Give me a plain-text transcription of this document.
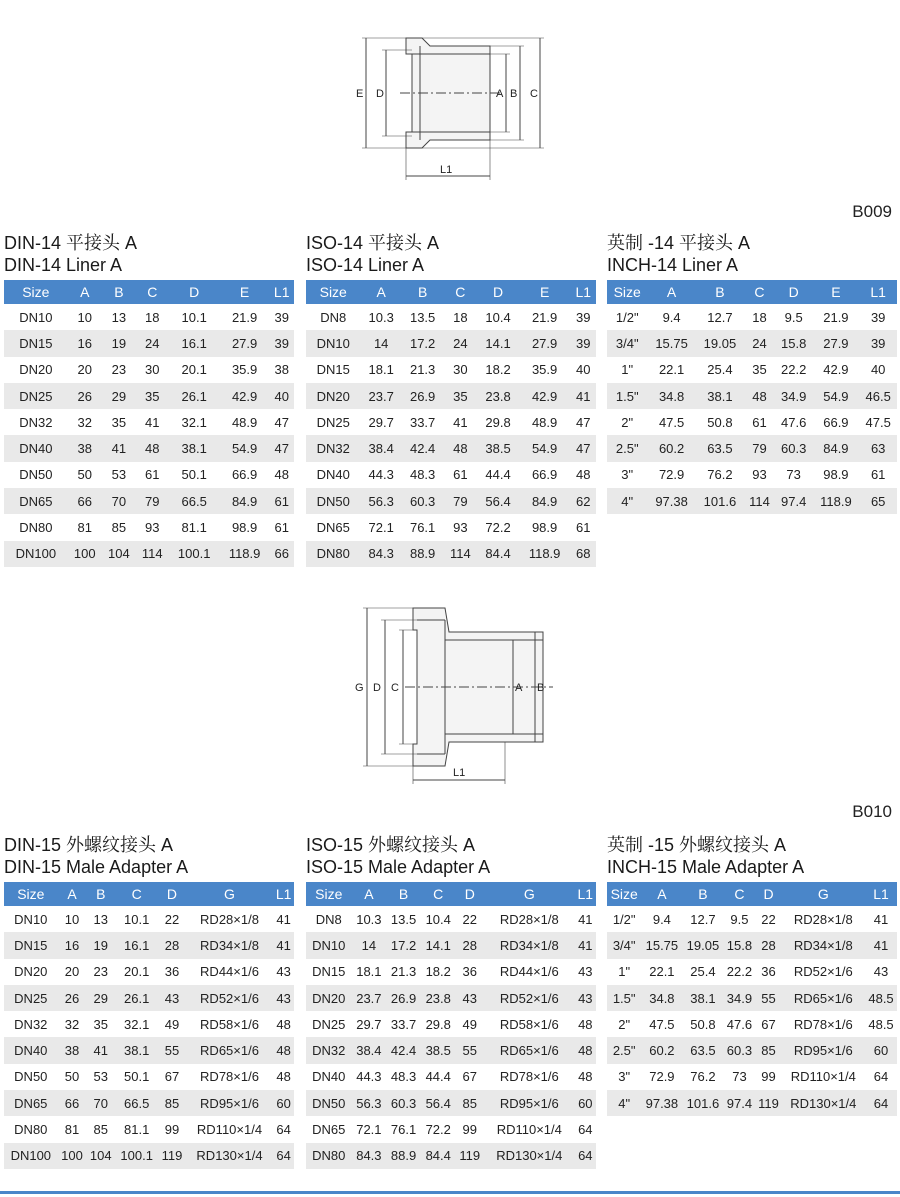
E D	A B C
L1
B009
DIN-14 平接头 A
DIN-14 Liner A
Size	A	B	C	D	E	L1
DN10	10	13	18	10.1	21.9	39
DN15	16	19	24	16.1	27.9	39
DN20	20	23	30	20.1	35.9	38
DN25	26	29	35	26.1	42.9	40
DN32	32	35	41	32.1	48.9	47
DN40	38	41	48	38.1	54.9	47
DN50	50	53	61	50.1	66.9	48
DN65	66	70	79	66.5	84.9	61
DN80	81	85	93	81.1	98.9	61
DN100	100	104	114	100.1	118.9	66
ISO-14 平接头 A
ISO-14 Liner A
Size	A	B	C	D	E	L1
DN8	10.3	13.5	18	10.4	21.9	39
DN10	14	17.2	24	14.1	27.9	39
DN15	18.1	21.3	30	18.2	35.9	40
DN20	23.7	26.9	35	23.8	42.9	41
DN25	29.7	33.7	41	29.8	48.9	47
DN32	38.4	42.4	48	38.5	54.9	47
DN40	44.3	48.3	61	44.4	66.9	48
DN50	56.3	60.3	79	56.4	84.9	62
DN65	72.1	76.1	93	72.2	98.9	61
DN80	84.3	88.9	114	84.4	118.9	68
英制 -14 平接头 A
INCH-14 Liner A
Size	A	B	C	D	E	L1
1/2"	9.4	12.7	18	9.5	21.9	39
3/4"	15.75	19.05	24	15.8	27.9	39
1"	22.1	25.4	35	22.2	42.9	40
1.5"	34.8	38.1	48	34.9	54.9	46.5
2"	47.5	50.8	61	47.6	66.9	47.5
2.5"	60.2	63.5	79	60.3	84.9	63
3"	72.9	76.2	93	73	98.9	61
4"	97.38	101.6	114	97.4	118.9	65
G D C	A B
L1
B010
DIN-15 外螺纹接头 A
DIN-15 Male Adapter A
Size	A	B	C	D	G	L1
DN10	10	13	10.1	22	RD28×1/8	41
DN15	16	19	16.1	28	RD34×1/8	41
DN20	20	23	20.1	36	RD44×1/6	43
DN25	26	29	26.1	43	RD52×1/6	43
DN32	32	35	32.1	49	RD58×1/6	48
DN40	38	41	38.1	55	RD65×1/6	48
DN50	50	53	50.1	67	RD78×1/6	48
DN65	66	70	66.5	85	RD95×1/6	60
DN80	81	85	81.1	99	RD110×1/4	64
DN100	100	104	100.1	119	RD130×1/4	64
ISO-15 外螺纹接头 A
ISO-15 Male Adapter A
Size	A	B	C	D	G	L1
DN8	10.3	13.5	10.4	22	RD28×1/8	41
DN10	14	17.2	14.1	28	RD34×1/8	41
DN15	18.1	21.3	18.2	36	RD44×1/6	43
DN20	23.7	26.9	23.8	43	RD52×1/6	43
DN25	29.7	33.7	29.8	49	RD58×1/6	48
DN32	38.4	42.4	38.5	55	RD65×1/6	48
DN40	44.3	48.3	44.4	67	RD78×1/6	48
DN50	56.3	60.3	56.4	85	RD95×1/6	60
DN65	72.1	76.1	72.2	99	RD110×1/4	64
DN80	84.3	88.9	84.4	119	RD130×1/4	64
英制 -15 外螺纹接头 A
INCH-15 Male Adapter A
Size	A	B	C	D	G	L1
1/2"	9.4	12.7	9.5	22	RD28×1/8	41
3/4"	15.75	19.05	15.8	28	RD34×1/8	41
1"	22.1	25.4	22.2	36	RD52×1/6	43
1.5"	34.8	38.1	34.9	55	RD65×1/6	48.5
2"	47.5	50.8	47.6	67	RD78×1/6	48.5
2.5"	60.2	63.5	60.3	85	RD95×1/6	60
3"	72.9	76.2	73	99	RD110×1/4	64
4"	97.38	101.6	97.4	119	RD130×1/4	64
